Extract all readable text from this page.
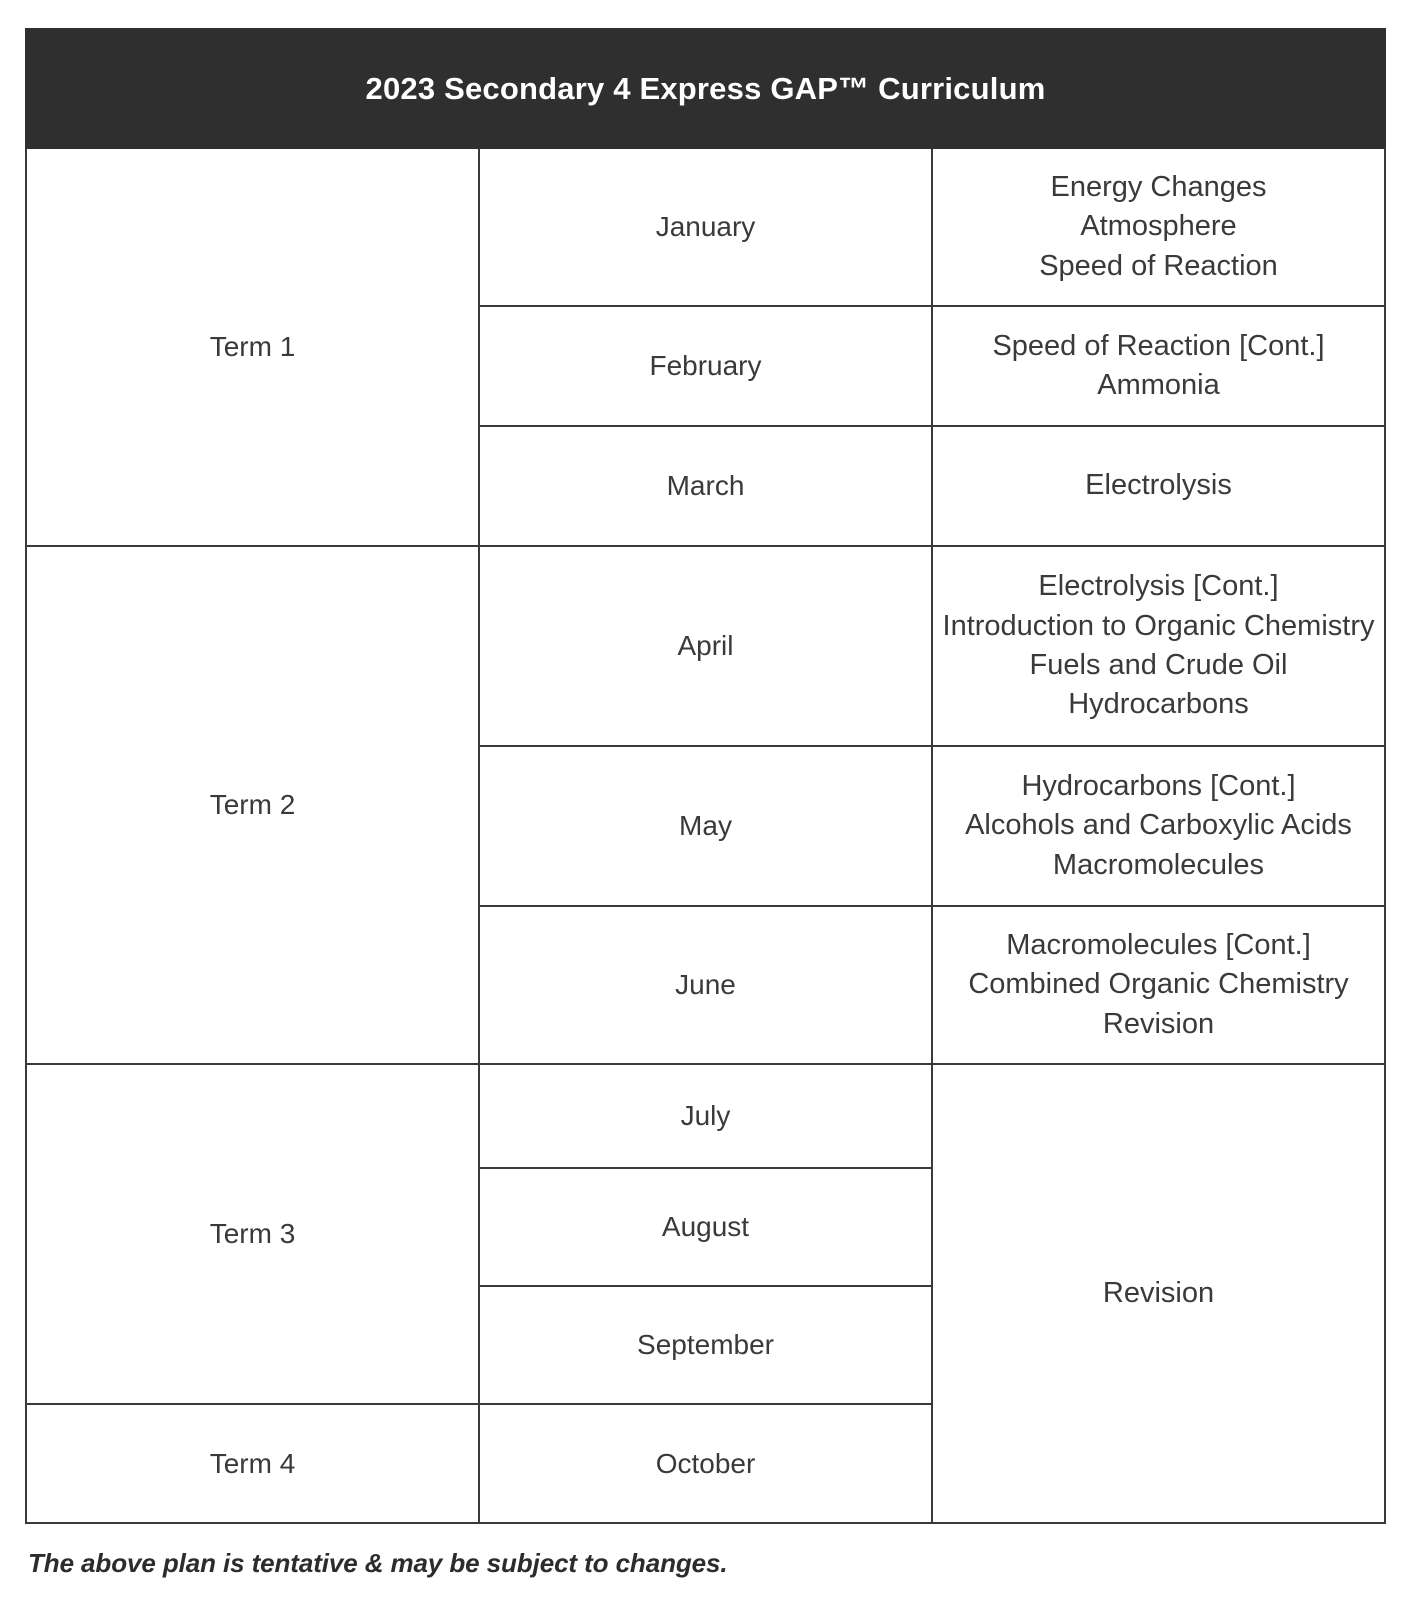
2023 Secondary 4 Express GAP™ Curriculum		
Term 1	January	Energy Changes
Atmosphere
Speed of Reaction

	February	Speed of Reaction [Cont.]
Ammonia

	March	Electrolysis

Term 2	April	Electrolysis [Cont.]
Introduction to Organic Chemistry
Fuels and Crude Oil
Hydrocarbons

	May	Hydrocarbons [Cont.]
Alcohols and Carboxylic Acids
Macromolecules

	June	Macromolecules [Cont.]
Combined Organic Chemistry
Revision

Term 3	July	Revision
	August	
	September	
Term 4	October	
The above plan is tentative & may be subject to changes.
